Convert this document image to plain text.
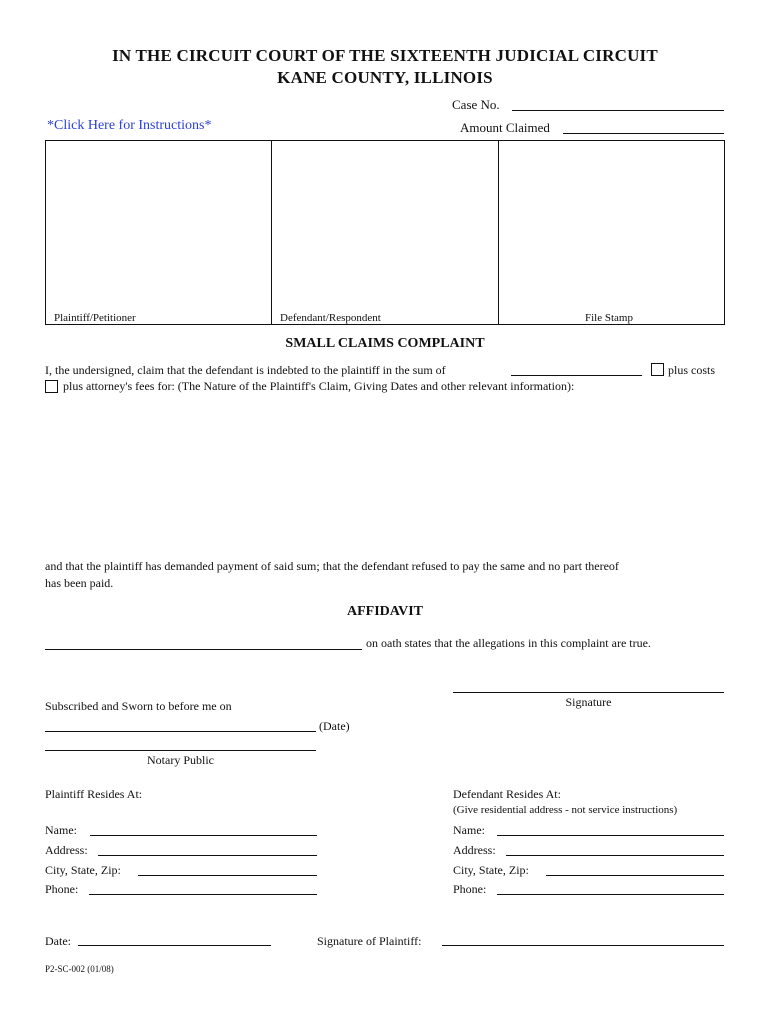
IN THE CIRCUIT COURT OF THE SIXTEENTH JUDICIAL CIRCUIT
KANE COUNTY, ILLINOIS
Case No.
*Click Here for Instructions*	Amount Claimed
Plaintiff/Petitioner	Defendant/Respondent	File Stamp
SMALL CLAIMS COMPLAINT
I, the undersigned, claim that the defendant is indebted to the plaintiff in the sum of	plus costs
plus attorney's fees for: (The Nature of the Plaintiff's Claim, Giving Dates and other relevant information):
and that the plaintiff has demanded payment of said sum; that the defendant refused to pay the same and no part thereof
has been paid.
AFFIDAVIT
on oath states that the allegations in this complaint are true.
Signature
Subscribed and Sworn to before me on
(Date)
Notary Public
Plaintiff Resides At:
Name:
Address:
City, State, Zip:
Phone:
Defendant Resides At:
(Give residential address - not service instructions)
Name:
Address:
City, State, Zip:
Phone:
Date:	Signature of Plaintiff:
P2-SC-002 (01/08)
